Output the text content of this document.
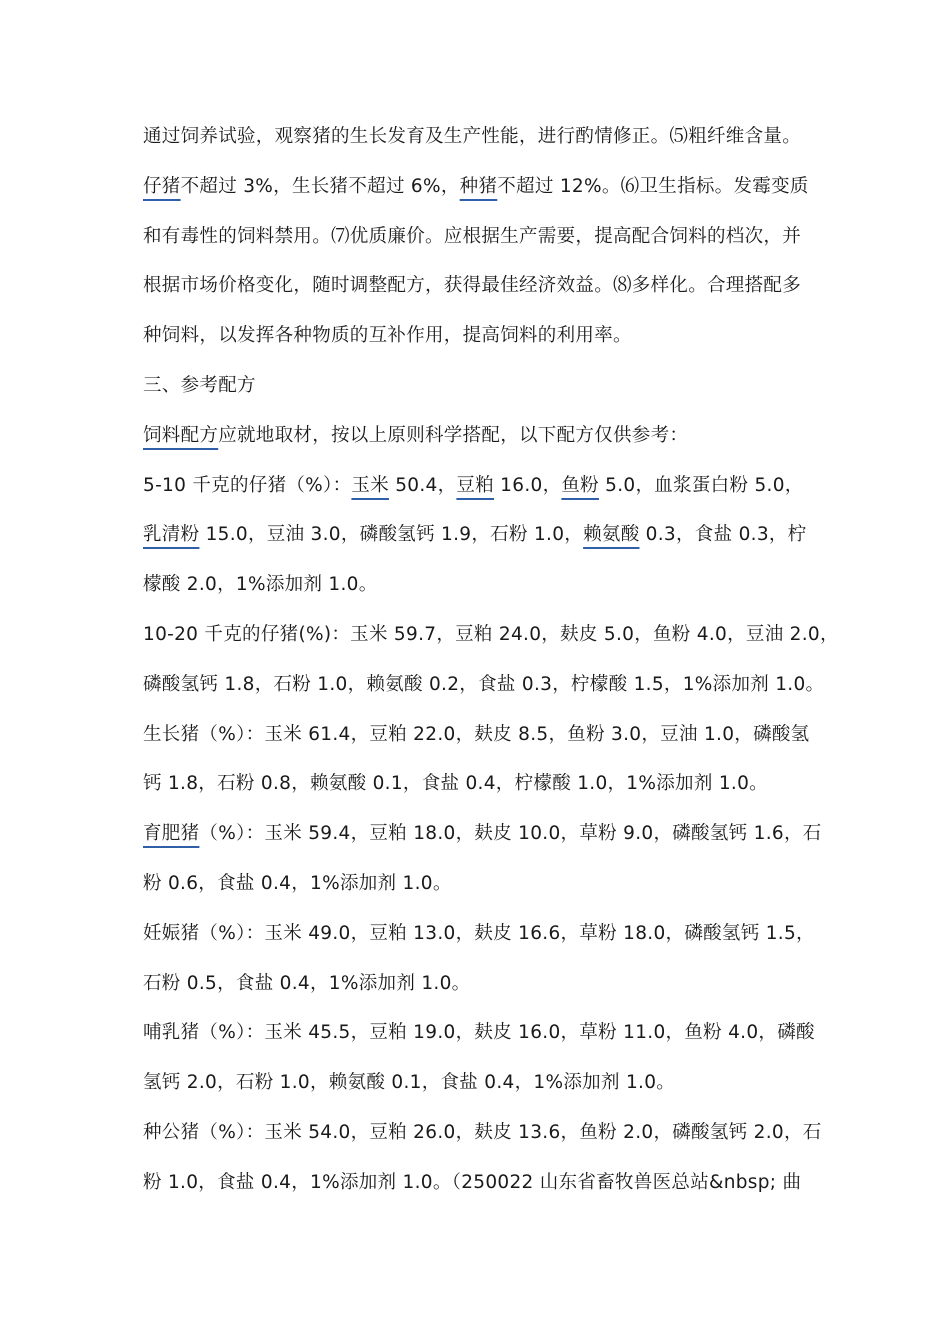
通过饲养试验，观察猪的生长发育及生产性能，进行酌情修正。⑸粗纤维含量。
仔猪不超过 3%，生长猪不超过 6%，种猪不超过 12%。⑹卫生指标。发霉变质
和有毒性的饲料禁用。⑺优质廉价。应根据生产需要，提高配合饲料的档次，并
根据市场价格变化，随时调整配方，获得最佳经济效益。⑻多样化。合理搭配多
种饲料，以发挥各种物质的互补作用，提高饲料的利用率。
三、参考配方
饲料配方应就地取材，按以上原则科学搭配，以下配方仅供参考：
5-10 千克的仔猪（%）：玉米 50.4，豆粕 16.0，鱼粉 5.0，血浆蛋白粉 5.0，
乳清粉 15.0，豆油 3.0，磷酸氢钙 1.9，石粉 1.0，赖氨酸 0.3，食盐 0.3，柠
檬酸 2.0，1%添加剂 1.0。
10-20 千克的仔猪(%)：玉米 59.7，豆粕 24.0，麸皮 5.0，鱼粉 4.0，豆油 2.0，
磷酸氢钙 1.8，石粉 1.0，赖氨酸 0.2，食盐 0.3，柠檬酸 1.5，1%添加剂 1.0。
生长猪（%）：玉米 61.4，豆粕 22.0，麸皮 8.5，鱼粉 3.0，豆油 1.0，磷酸氢
钙 1.8，石粉 0.8，赖氨酸 0.1，食盐 0.4，柠檬酸 1.0，1%添加剂 1.0。
育肥猪（%）：玉米 59.4，豆粕 18.0，麸皮 10.0，草粉 9.0，磷酸氢钙 1.6，石
粉 0.6，食盐 0.4，1%添加剂 1.0。
妊娠猪（%）：玉米 49.0，豆粕 13.0，麸皮 16.6，草粉 18.0，磷酸氢钙 1.5，
石粉 0.5，食盐 0.4，1%添加剂 1.0。
哺乳猪（%）：玉米 45.5，豆粕 19.0，麸皮 16.0，草粉 11.0，鱼粉 4.0，磷酸
氢钙 2.0，石粉 1.0，赖氨酸 0.1，食盐 0.4，1%添加剂 1.0。
种公猪（%）：玉米 54.0，豆粕 26.0，麸皮 13.6，鱼粉 2.0，磷酸氢钙 2.0，石
粉 1.0，食盐 0.4，1%添加剂 1.0。（250022 山东省畜牧兽医总站&nbsp; 曲
